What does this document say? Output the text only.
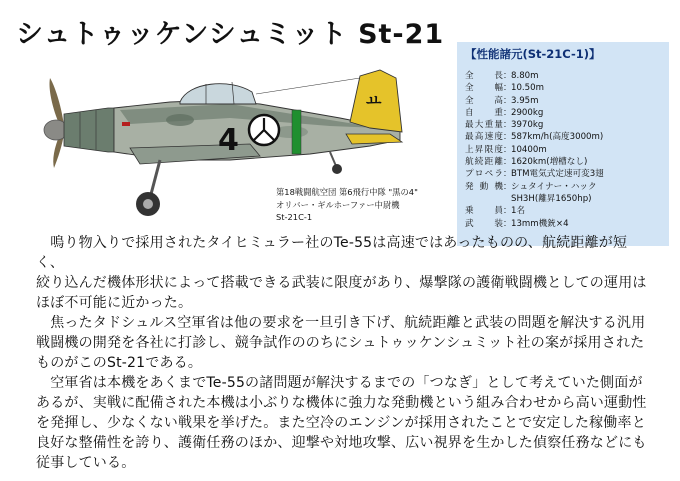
シュトゥッケンシュミット St-21
4
ㅛ
第18戦闘航空団 第6飛行中隊 "黒の4"
オリバー・ギルホーファー中尉機
St-21C-1
【性能諸元(St-21C-1)】
全長 ： 8.80m
全幅 ： 10.50m
全高 ： 3.95m
自重 ： 2900kg
最大重量 ： 3970kg
最高速度 ： 587km/h(高度3000m)
上昇限度 ： 10400m
航続距離 ： 1620km(増槽なし)
プロペラ ： BTM電気式定速可変3翅
発動機 ： シュタイナー・ハック
SH3H(離昇1650hp)
乗員 ： 1名
武装 ： 13mm機銃×4

　鳴り物入りで採用されたタイヒミュラー社のTe-55は高速ではあったものの、航続距離が短く、
絞り込んだ機体形状によって搭載できる武装に限度があり、爆撃隊の護衛戦闘機としての運用は
ほぼ不可能に近かった。

　焦ったタドシュルス空軍省は他の要求を一旦引き下げ、航続距離と武装の問題を解決する汎用
戦闘機の開発を各社に打診し、競争試作ののちにシュトゥッケンシュミット社の案が採用された
ものがこのSt-21である。

　空軍省は本機をあくまでTe-55の諸問題が解決するまでの「つなぎ」として考えていた側面が
あるが、実戦に配備された本機は小ぶりな機体に強力な発動機という組み合わせから高い運動性
を発揮し、少なくない戦果を挙げた。また空冷のエンジンが採用されたことで安定した稼働率と
良好な整備性を誇り、護衛任務のほか、迎撃や対地攻撃、広い視界を生かした偵察任務などにも
従事している。
